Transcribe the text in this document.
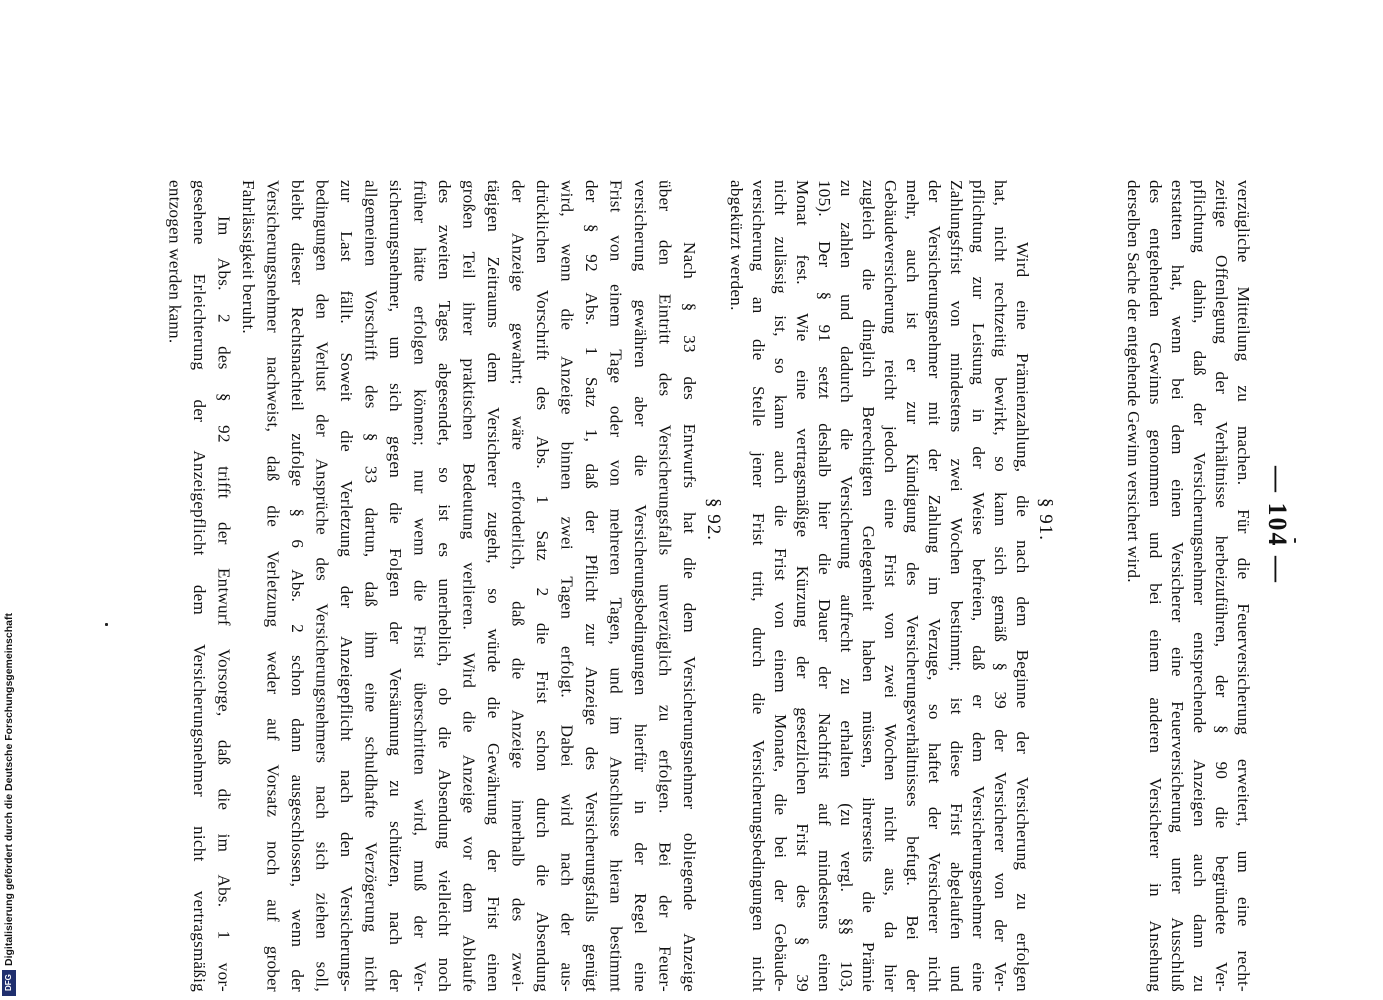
— 104 —
verzügliche Mitteilung zu machen. Für die Feuerversicherung erweitert, um eine recht-
zeitige Offenlegung der Verhältnisse herbeizuführen, der § 90 die begründete Ver-
pflichtung dahin, daß der Versicherungsnehmer entsprechende Anzeigen auch dann zu
erstatten hat, wenn bei dem einen Versicherer eine Feuerversicherung unter Ausschluß
des entgehenden Gewinns genommen und bei einem anderen Versicherer in Ansehung
derselben Sache der entgehende Gewinn versichert wird.
§ 91.
Wird eine Prämienzahlung, die nach dem Beginne der Versicherung zu erfolgen
hat, nicht rechtzeitig bewirkt, so kann sich gemäß § 39 der Versicherer von der Ver-
pflichtung zur Leistung in der Weise befreien, daß er dem Versicherungsnehmer eine
Zahlungsfrist von mindestens zwei Wochen bestimmt; ist diese Frist abgelaufen und
der Versicherungsnehmer mit der Zahlung im Verzuge, so haftet der Versicherer nicht
mehr, auch ist er zur Kündigung des Versicherungsverhältnisses befugt. Bei der
Gebäudeversicherung reicht jedoch eine Frist von zwei Wochen nicht aus, da hier
zugleich die dinglich Berechtigten Gelegenheit haben müssen, ihrerseits die Prämie
zu zahlen und dadurch die Versicherung aufrecht zu erhalten (zu vergl. §§ 103,
105). Der § 91 setzt deshalb hier die Dauer der Nachfrist auf mindestens einen
Monat fest. Wie eine vertragsmäßige Kürzung der gesetzlichen Frist des § 39
nicht zulässig ist, so kann auch die Frist von einem Monate, die bei der Gebäude-
versicherung an die Stelle jener Frist tritt, durch die Versicherungsbedingungen nicht
abgekürzt werden.
§ 92.
Nach § 33 des Entwurfs hat die dem Versicherungsnehmer obliegende Anzeige
über den Eintritt des Versicherungsfalls unverzüglich zu erfolgen. Bei der Feuer-
versicherung gewähren aber die Versicherungsbedingungen hierfür in der Regel eine
Frist von einem Tage oder von mehreren Tagen, und im Anschlusse hieran bestimmt
der § 92 Abs. 1 Satz 1, daß der Pflicht zur Anzeige des Versicherungsfalls genügt
wird, wenn die Anzeige binnen zwei Tagen erfolgt. Dabei wird nach der aus-
drücklichen Vorschrift des Abs. 1 Satz 2 die Frist schon durch die Absendung
der Anzeige gewahrt; wäre erforderlich, daß die Anzeige innerhalb des zwei-
tägigen Zeitraums dem Versicherer zugeht, so würde die Gewährung der Frist einen
großen Teil ihrer praktischen Bedeutung verlieren. Wird die Anzeige vor dem Ablaufe
des zweiten Tages abgesendet, so ist es unerheblich, ob die Absendung vielleicht noch
früher hätte erfolgen können; nur wenn die Frist überschritten wird, muß der Ver-
sicherungsnehmer, um sich gegen die Folgen der Versäumung zu schützen, nach der
allgemeinen Vorschrift des § 33 dartun, daß ihm eine schuldhafte Verzögerung nicht
zur Last fällt. Soweit die Verletzung der Anzeigepflicht nach den Versicherungs-
bedingungen den Verlust der Ansprüche des Versicherungsnehmers nach sich ziehen soll,
bleibt dieser Rechtsnachteil zufolge § 6 Abs. 2 schon dann ausgeschlossen, wenn der
Versicherungsnehmer nachweist, daß die Verletzung weder auf Vorsatz noch auf grober
Fahrlässigkeit beruht.
Im Abs. 2 des § 92 trifft der Entwurf Vorsorge, daß die im Abs. 1 vor-
gesehene Erleichterung der Anzeigepflicht dem Versicherungsnehmer nicht vertragsmäßig
entzogen werden kann.
DFGDigitalisierung gefördert durch die Deutsche Forschungsgemeinschaft
